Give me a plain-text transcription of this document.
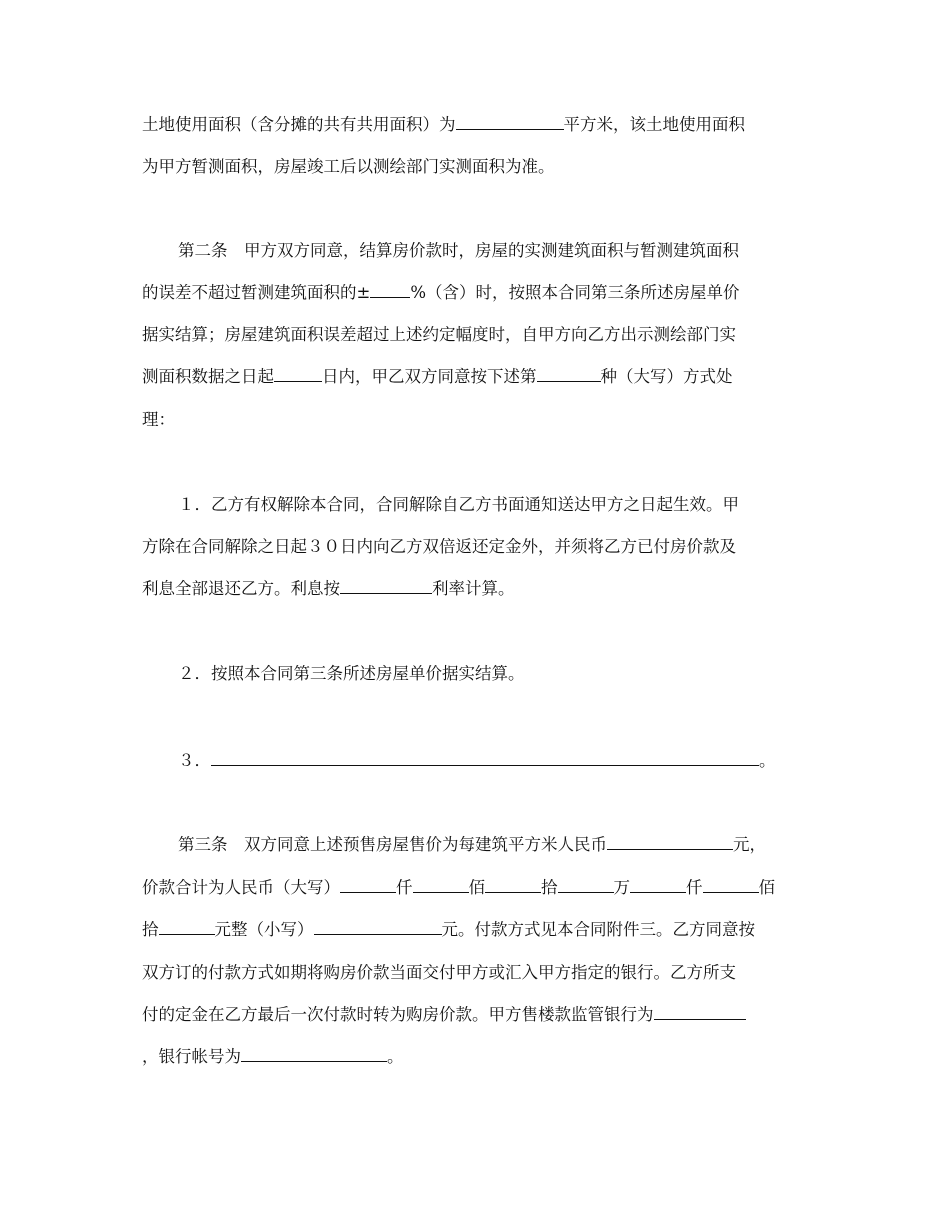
土地使用面积（含分摊的共有共用面积）为	平方米，该土地使用面积
为甲方暂测面积，房屋竣工后以测绘部门实测面积为准。
第二条　甲方双方同意，结算房价款时，房屋的实测建筑面积与暂测建筑面积
的误差不超过暂测建筑面积的± %（含）时，按照本合同第三条所述房屋单价
据实结算；房屋建筑面积误差超过上述约定幅度时，自甲方向乙方出示测绘部门实
测面积数据之日起	日内，甲乙双方同意按下述第	种（大写）方式处
理：
１．乙方有权解除本合同，合同解除自乙方书面通知送达甲方之日起生效。甲
方除在合同解除之日起３０日内向乙方双倍返还定金外，并须将乙方已付房价款及
利息全部退还乙方。利息按	利率计算。
２．按照本合同第三条所述房屋单价据实结算。
３．	。
第三条　双方同意上述预售房屋售价为每建筑平方米人民币	元，
价款合计为人民币（大写）	仟	佰	拾	万	仟	佰
拾	元整（小写）	元。付款方式见本合同附件三。乙方同意按
双方订的付款方式如期将购房价款当面交付甲方或汇入甲方指定的银行。乙方所支
付的定金在乙方最后一次付款时转为购房价款。甲方售楼款监管银行为
，银行帐号为	。
